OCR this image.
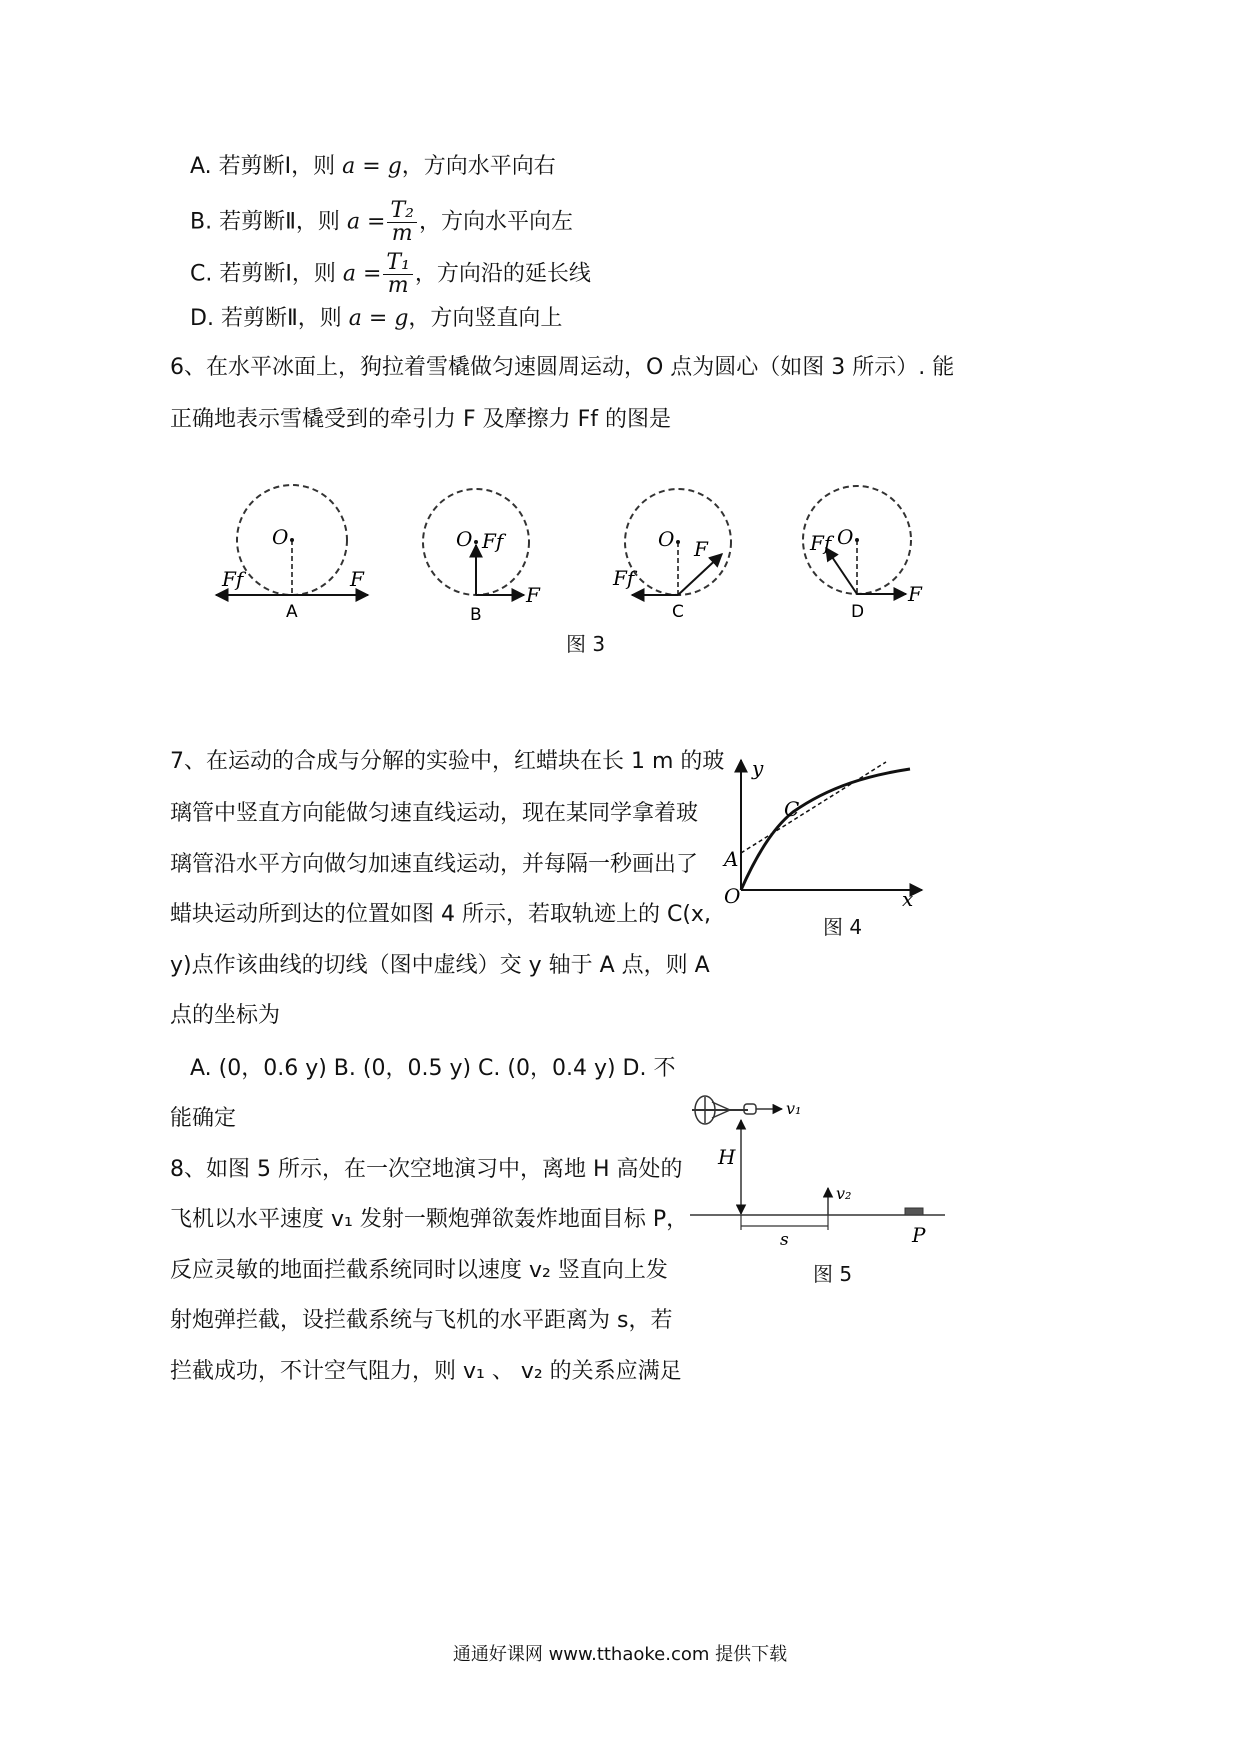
A. 若剪断Ⅰ，则 a = g，方向水平向右
B. 若剪断Ⅱ，则 $a = \frac{\text{T₂}}{m}$ ，方向水平向左
C. 若剪断Ⅰ，则 $a = \frac{\text{T₁}}{m}$ ，方向沿的延长线
D. 若剪断Ⅱ，则 a = g，方向竖直向上
6、在水平冰面上，狗拉着雪橇做匀速圆周运动，O 点为圆心（如图 3 所示）. 能
正确地表示雪橇受到的牵引力 F 及摩擦力 Ff 的图是
O
F
Ff
A
O Ff
F
B
O F
Ff
C
O
Ff
F
D
图 3
7、在运动的合成与分解的实验中，红蜡块在长 1 m 的玻
璃管中竖直方向能做匀速直线运动，现在某同学拿着玻
璃管沿水平方向做匀加速直线运动，并每隔一秒画出了
蜡块运动所到达的位置如图 4 所示，若取轨迹上的 C(x,
y)点作该曲线的切线（图中虚线）交 y 轴于 A 点，则 A
点的坐标为
y
x
O
A
C
图 4
A. (0，0.6 y) B. (0，0.5 y) C. (0，0.4 y) D. 不
能确定
8、如图 5 所示，在一次空地演习中，离地 H 高处的
飞机以水平速度 v₁ 发射一颗炮弹欲轰炸地面目标 P，
反应灵敏的地面拦截系统同时以速度 v₂ 竖直向上发
射炮弹拦截，设拦截系统与飞机的水平距离为 s，若
拦截成功，不计空气阻力，则 v₁ 、 v₂ 的关系应满足
v₁
H
v₂
s	P
图 5
通通好课网 www.tthaoke.com 提供下载
